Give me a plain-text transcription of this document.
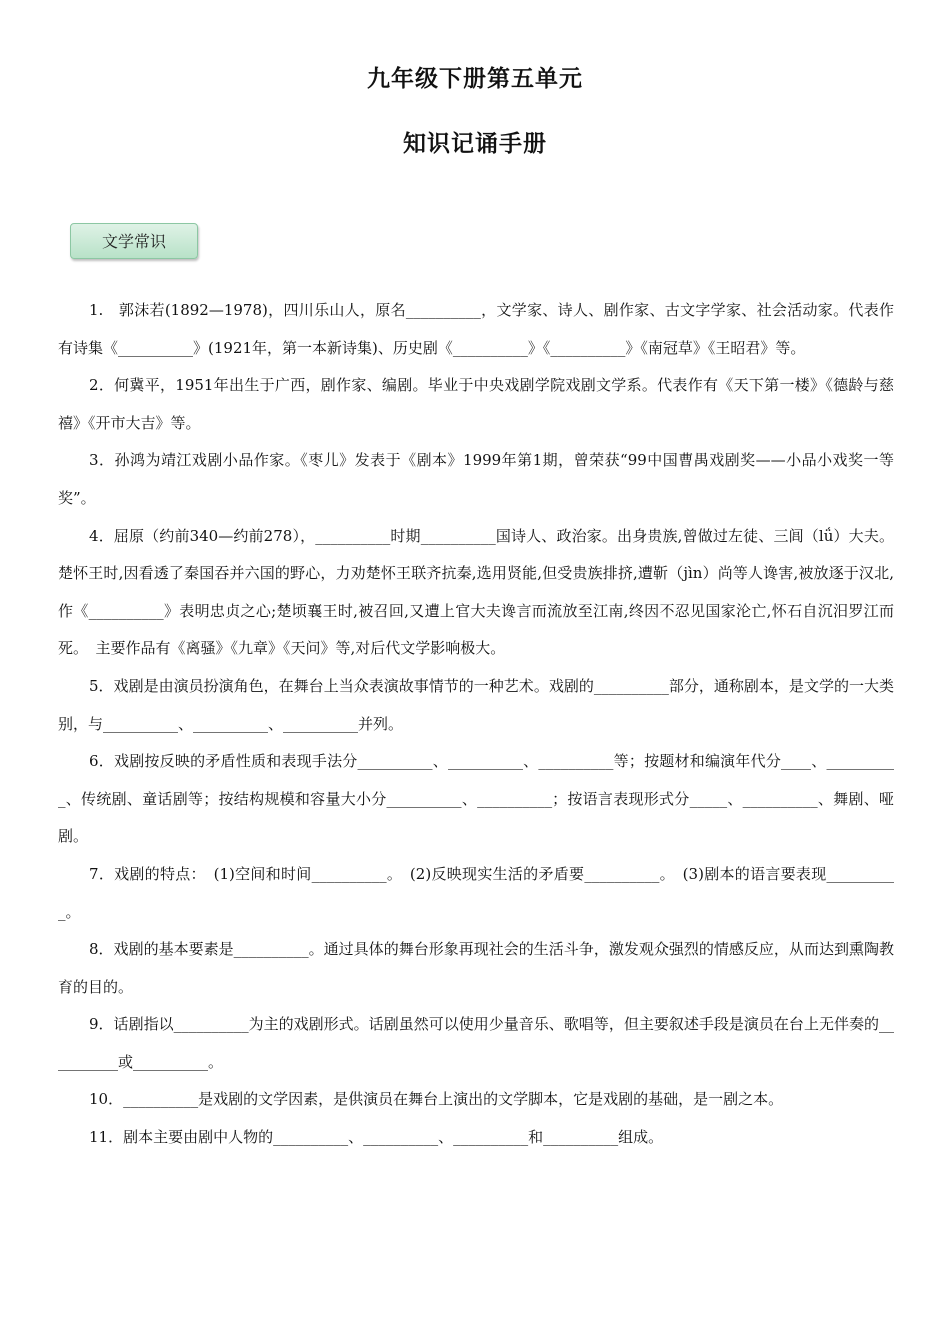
九年级下册第五单元
知识记诵手册
文学常识

1.　郭沫若(1892—1978)，四川乐山人，原名__________，文学家、诗人、剧作家、古文字学家、社会活动家。代表作有诗集《__________》(1921年，第一本新诗集)、历史剧《__________》《__________》《南冠草》《王昭君》等。

2．何冀平，1951年出生于广西，剧作家、编剧。毕业于中央戏剧学院戏剧文学系。代表作有《天下第一楼》《德龄与慈禧》《开市大吉》等。

3．孙鸿为靖江戏剧小品作家。《枣儿》发表于《剧本》1999年第1期，曾荣获“99中国曹禺戏剧奖——小品小戏奖一等奖”。

4．屈原（约前340—约前278），__________时期__________国诗人、政治家。出身贵族,曾做过左徒、三闾（lǘ）大夫。楚怀王时,因看透了秦国吞并六国的野心，力劝楚怀王联齐抗秦,选用贤能,但受贵族排挤,遭靳（jìn）尚等人谗害,被放逐于汉北,作《__________》表明忠贞之心;楚顷襄王时,被召回,又遭上官大夫谗言而流放至江南,终因不忍见国家沦亡,怀石自沉汨罗江而死。　主要作品有《离骚》《九章》《天问》等,对后代文学影响极大。

5．戏剧是由演员扮演角色，在舞台上当众表演故事情节的一种艺术。戏剧的__________部分，通称剧本，是文学的一大类别，与__________、__________、__________并列。

6．戏剧按反映的矛盾性质和表现手法分__________、__________、__________等；按题材和编演年代分____、__________、传统剧、童话剧等；按结构规模和容量大小分__________、__________；按语言表现形式分_____、__________、舞剧、哑剧。

7．戏剧的特点：　(1)空间和时间__________。　(2)反映现实生活的矛盾要__________。　(3)剧本的语言要表现__________。

8．戏剧的基本要素是__________。通过具体的舞台形象再现社会的生活斗争，激发观众强烈的情感反应，从而达到熏陶教育的目的。

9．话剧指以__________为主的戏剧形式。话剧虽然可以使用少量音乐、歌唱等，但主要叙述手段是演员在台上无伴奏的__________或__________。

10．__________是戏剧的文学因素，是供演员在舞台上演出的文学脚本，它是戏剧的基础，是一剧之本。

11．剧本主要由剧中人物的__________、__________、__________和__________组成。
